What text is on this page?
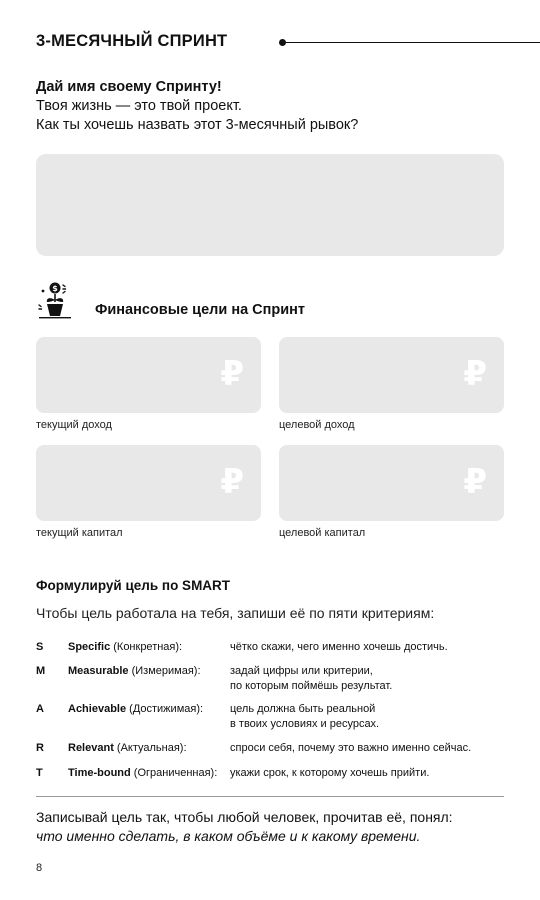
3-МЕСЯЧНЫЙ СПРИНТ
Дай имя своему Спринту!
Твоя жизнь — это твой проект.
Как ты хочешь назвать этот 3-месячный рывок?
$
Финансовые цели на Спринт
₽
текущий доход
₽
целевой доход
₽
текущий капитал
₽
целевой капитал
Формулируй цель по SMART
Чтобы цель работала на тебя, запиши её по пяти критериям:
S Specific (Конкретная):	чётко скажи, чего именно хочешь достичь.
M Measurable (Измеримая):	задай цифры или критерии,
по которым поймёшь результат.
A Achievable (Достижимая): цель должна быть реальной
в твоих условиях и ресурсах.
R Relevant (Актуальная):	спроси себя, почему это важно именно сейчас.
T Time-bound (Ограниченная): укажи срок, к которому хочешь прийти.
Записывай цель так, чтобы любой человек, прочитав её, понял:
что именно сделать, в каком объёме и к какому времени.
8
